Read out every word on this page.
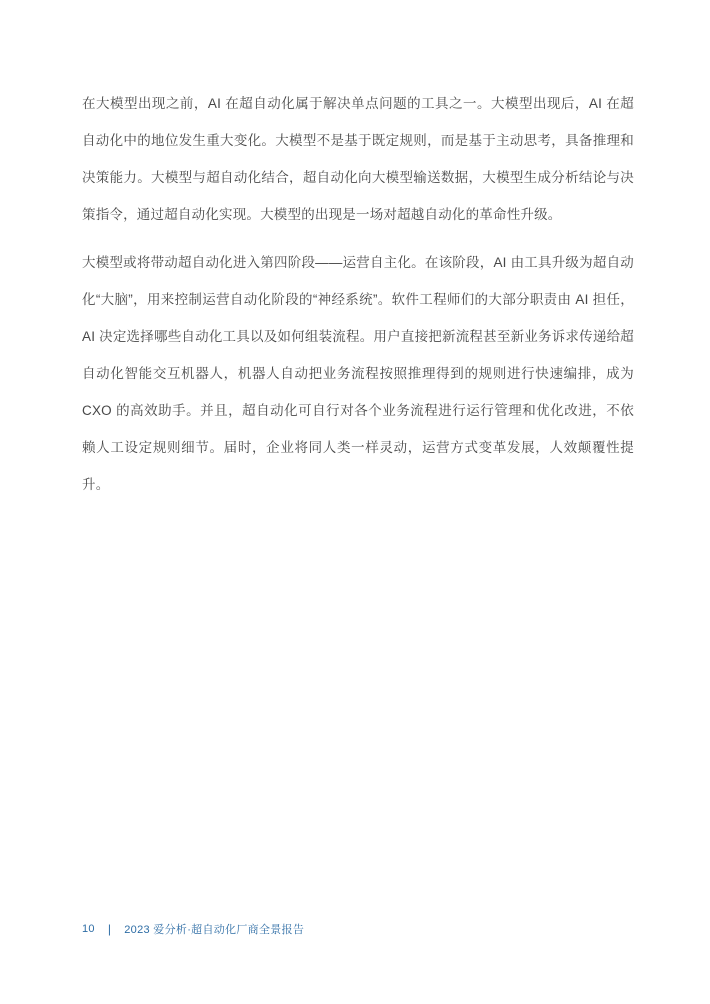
在大模型出现之前，AI 在超自动化属于解决单点问题的工具之一。大模型出现后，AI 在超自动化中的地位发生重大变化。大模型不是基于既定规则，而是基于主动思考，具备推理和决策能力。大模型与超自动化结合，超自动化向大模型输送数据，大模型生成分析结论与决策指令，通过超自动化实现。大模型的出现是一场对超越自动化的革命性升级。

大模型或将带动超自动化进入第四阶段——运营自主化。在该阶段，AI 由工具升级为超自动化“大脑”，用来控制运营自动化阶段的“神经系统”。软件工程师们的大部分职责由 AI 担任，AI 决定选择哪些自动化工具以及如何组装流程。用户直接把新流程甚至新业务诉求传递给超自动化智能交互机器人，机器人自动把业务流程按照推理得到的规则进行快速编排，成为 CXO 的高效助手。并且，超自动化可自行对各个业务流程进行运行管理和优化改进，不依赖人工设定规则细节。届时，企业将同人类一样灵动，运营方式变革发展，人效颠覆性提升。

10 | 2023 爱分析·超自动化厂商全景报告
